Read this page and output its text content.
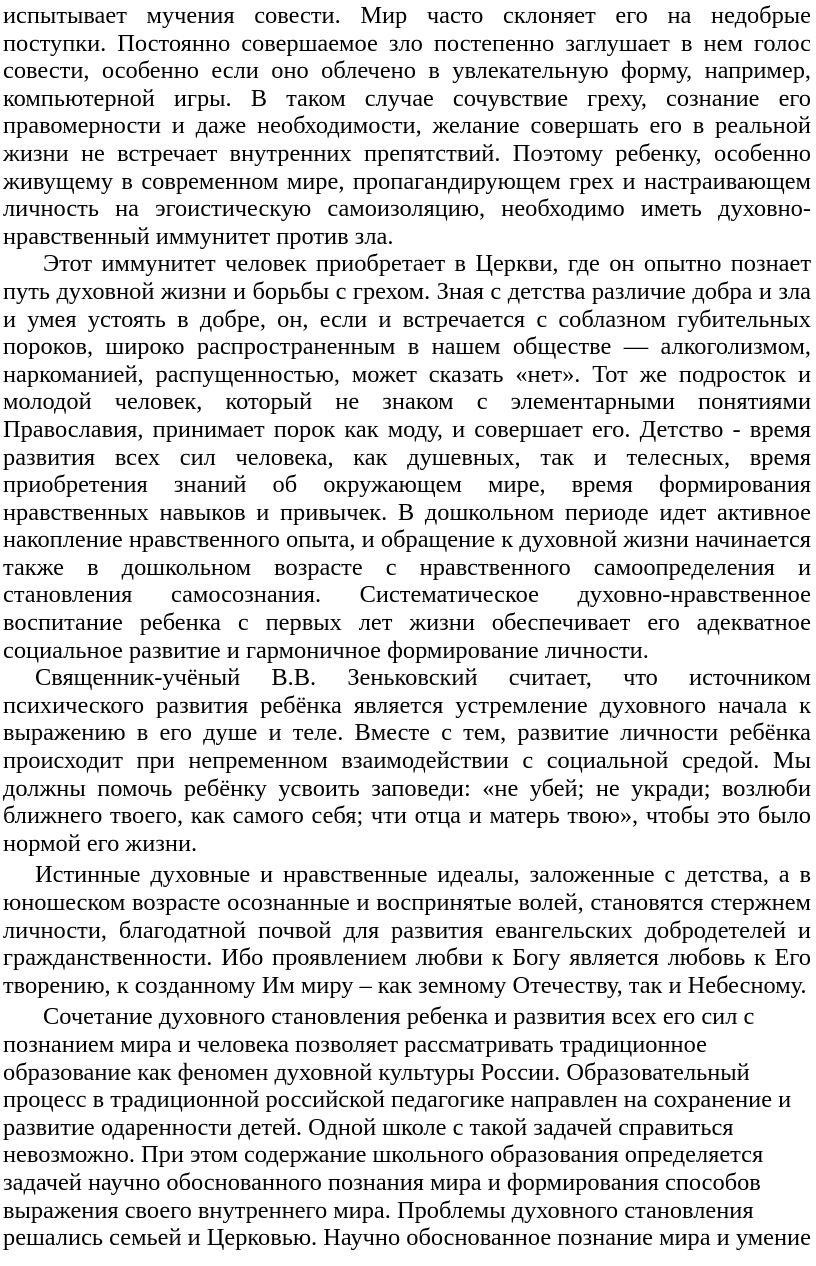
испытывает мучения совести. Мир часто склоняет его на недобрые поступки. Постоянно совершаемое зло постепенно заглушает в нем голос совести, особенно если оно облечено в увлекательную форму, например, компьютерной игры. В таком случае сочувствие греху, сознание его правомерности и даже необходимости, желание совершать его в реальной жизни не встречает внутренних препятствий. Поэтому ребенку, особенно живущему в современном мире, пропагандирующем грех и настраивающем личность на эгоистическую самоизоляцию, необходимо иметь духовно-нравственный иммунитет против зла.

Этот иммунитет человек приобретает в Церкви, где он опытно познает путь духовной жизни и борьбы с грехом. Зная с детства различие добра и зла и умея устоять в добре, он, если и встречается с соблазном губительных пороков, широко распространенным в нашем обществе — алкоголизмом, наркоманией, распущенностью, может сказать «нет». Тот же подросток и молодой человек, который не знаком с элементарными понятиями Православия, принимает порок как моду, и совершает его. Детство - время развития всех сил человека, как душевных, так и телесных, время приобретения знаний об окружающем мире, время формирования нравственных навыков и привычек. В дошкольном периоде идет активное накопление нравственного опыта, и обращение к духовной жизни начинается также в дошкольном возрасте с нравственного самоопределения и становления самосознания. Систематическое духовно-нравственное воспитание ребенка с первых лет жизни обеспечивает его адекватное социальное развитие и гармоничное формирование личности.

Священник-учёный В.В. Зеньковский считает, что источником психического развития ребёнка является устремление духовного начала к выражению в его душе и теле. Вместе с тем, развитие личности ребёнка происходит при непременном взаимодействии с социальной средой. Мы должны помочь ребёнку усвоить заповеди: «не убей; не укради; возлюби ближнего твоего, как самого себя; чти отца и матерь твою», чтобы это было нормой его жизни.

Истинные духовные и нравственные идеалы, заложенные с детства, а в юношеском возрасте осознанные и воспринятые волей, становятся стержнем личности, благодатной почвой для развития евангельских добродетелей и гражданственности. Ибо проявлением любви к Богу является любовь к Его творению, к созданному Им миру – как земному Отечеству, так и Небесному.

Сочетание духовного становления ребенка и развития всех его сил с познанием мира и человека позволяет рассматривать традиционное образование как феномен духовной культуры России. Образовательный процесс в традиционной российской педагогике направлен на сохранение и развитие одаренности детей. Одной школе с такой задачей справиться невозможно. При этом содержание школьного образования определяется задачей научно обоснованного познания мира и формирования способов выражения своего внутреннего мира. Проблемы духовного становления решались семьей и Церковью. Научно обоснованное познание мира и умение
